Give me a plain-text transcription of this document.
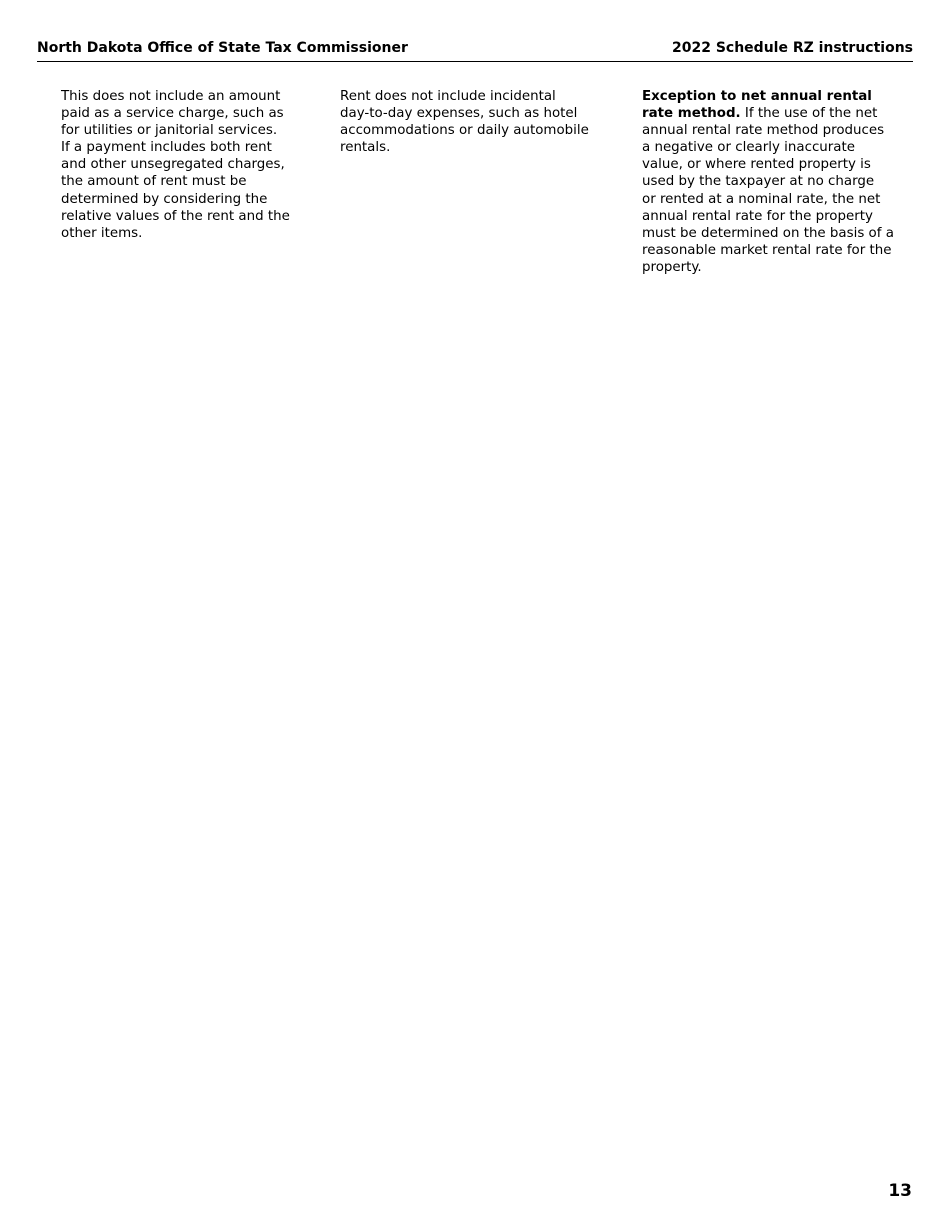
North Dakota Office of State Tax Commissioner	2022 Schedule RZ instructions

This does not include an amount
paid as a service charge, such as
for utilities or janitorial services.
If a payment includes both rent
and other unsegregated charges,
the amount of rent must be
determined by considering the
relative values of the rent and the
other items.

Rent does not include incidental
day-to-day expenses, such as hotel
accommodations or daily automobile
rentals.

Exception to net annual rental
rate method. If the use of the net
annual rental rate method produces
a negative or clearly inaccurate
value, or where rented property is
used by the taxpayer at no charge
or rented at a nominal rate, the net
annual rental rate for the property
must be determined on the basis of a
reasonable market rental rate for the
property.

13
